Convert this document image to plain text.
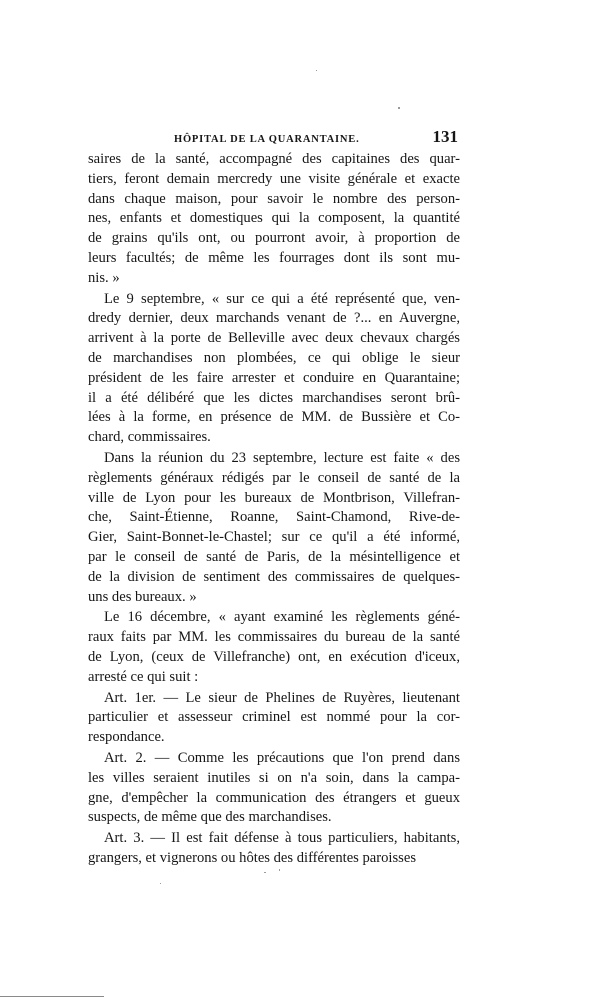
HÔPITAL DE LA QUARANTAINE.	131
saires de la santé, accompagné des capitaines des quar-
tiers, feront demain mercredy une visite générale et exacte
dans chaque maison, pour savoir le nombre des person-
nes, enfants et domestiques qui la composent, la quantité
de grains qu'ils ont, ou pourront avoir, à proportion de
leurs facultés; de même les fourrages dont ils sont mu-
nis. »
Le 9 septembre, « sur ce qui a été représenté que, ven-
dredy dernier, deux marchands venant de ?... en Auvergne,
arrivent à la porte de Belleville avec deux chevaux chargés
de marchandises non plombées, ce qui oblige le sieur
président de les faire arrester et conduire en Quarantaine;
il a été délibéré que les dictes marchandises seront brû-
lées à la forme, en présence de MM. de Bussière et Co-
chard, commissaires.
Dans la réunion du 23 septembre, lecture est faite « des
règlements généraux rédigés par le conseil de santé de la
ville de Lyon pour les bureaux de Montbrison, Villefran-
che, Saint-Étienne, Roanne, Saint-Chamond, Rive-de-
Gier, Saint-Bonnet-le-Chastel; sur ce qu'il a été informé,
par le conseil de santé de Paris, de la mésintelligence et
de la division de sentiment des commissaires de quelques-
uns des bureaux. »
Le 16 décembre, « ayant examiné les règlements géné-
raux faits par MM. les commissaires du bureau de la santé
de Lyon, (ceux de Villefranche) ont, en exécution d'iceux,
arresté ce qui suit :
Art. 1er. — Le sieur de Phelines de Ruyères, lieutenant
particulier et assesseur criminel est nommé pour la cor-
respondance.
Art. 2. — Comme les précautions que l'on prend dans
les villes seraient inutiles si on n'a soin, dans la campa-
gne, d'empêcher la communication des étrangers et gueux
suspects, de même que des marchandises.
Art. 3. — Il est fait défense à tous particuliers, habitants,
grangers, et vignerons ou hôtes des différentes paroisses
